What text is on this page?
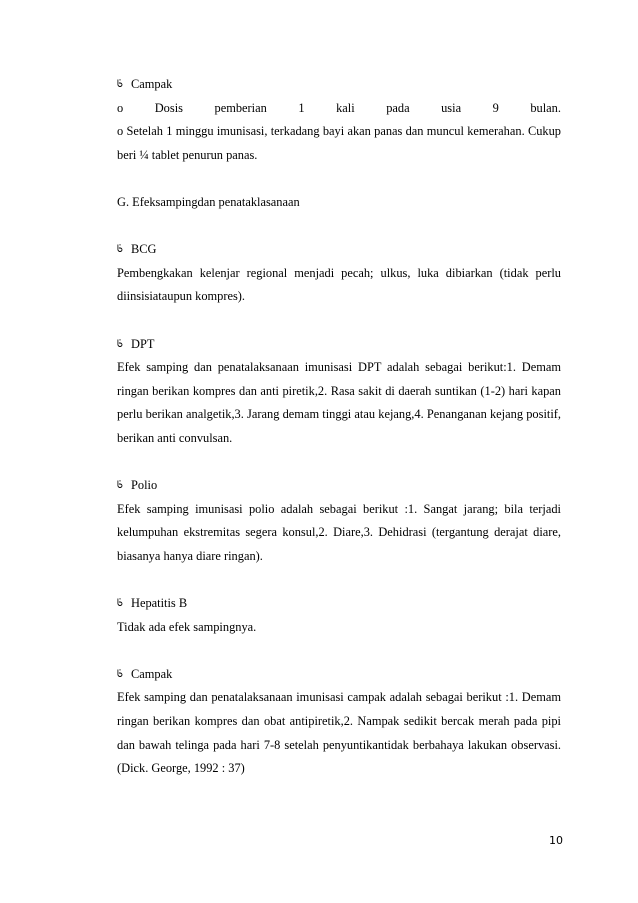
ᢸ Campak
o	Dosis	pemberian	1	kali	pada	usia	9	bulan.

o Setelah 1 minggu imunisasi, terkadang bayi akan panas dan muncul kemerahan. Cukup beri ¼ tablet penurun panas.

G. Efeksampingdan penataklasanaan
ᢸ BCG

Pembengkakan kelenjar regional menjadi pecah; ulkus, luka dibiarkan (tidak perlu diinsisiataupun kompres).

ᢸ DPT

Efek samping dan penatalaksanaan imunisasi DPT adalah sebagai berikut:1. Demam ringan berikan kompres dan anti piretik,2. Rasa sakit di daerah suntikan (1-2) hari kapan perlu berikan analgetik,3. Jarang demam tinggi atau kejang,4. Penanganan kejang positif, berikan anti convulsan.

ᢸ Polio

Efek samping imunisasi polio adalah sebagai berikut :1. Sangat jarang; bila terjadi kelumpuhan ekstremitas segera konsul,2. Diare,3. Dehidrasi (tergantung derajat diare, biasanya hanya diare ringan).

ᢸ Hepatitis B

Tidak ada efek sampingnya.

ᢸ Campak

Efek samping dan penatalaksanaan imunisasi campak adalah sebagai berikut :1. Demam ringan berikan kompres dan obat antipiretik,2. Nampak sedikit bercak merah pada pipi dan bawah telinga pada hari 7-8 setelah penyuntikantidak berbahaya lakukan observasi.(Dick. George, 1992 : 37)

10
